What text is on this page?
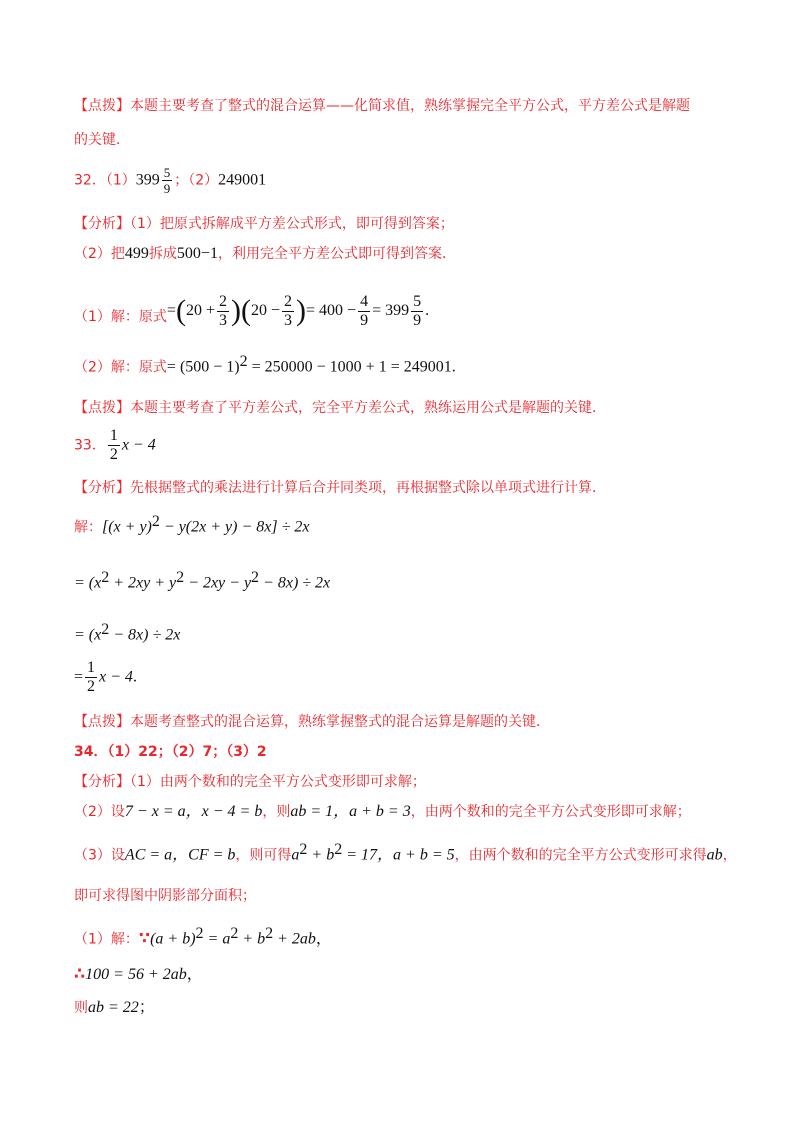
【点拨】本题主要考查了整式的混合运算——化简求值，熟练掌握完全平方公式，平方差公式是解题
的关键．
32．$(1)399 \frac{5}{9}$ ；（2）249001
【分析】（1）把原式拆解成平方差公式形式，即可得到答案；
（2）把499拆成500−1，利用完全平方差公式即可得到答案．
（1）解：原式$=(20 + \frac{2}{3} )(20 - \frac{2}{3}$ )= $400 - \frac{4}{9} = 399 \frac{5}{9}$ .
（2）解：原式= $(500 - 1)^2 = 250000 - 1000 + 1 = 249001$.
【点拨】本题主要考查了平方差公式，完全平方差公式，熟练运用公式是解题的关键．
33． $\frac{1}{2}$ x − 4
【分析】先根据整式的乘法进行计算后合并同类项，再根据整式除以单项式进行计算．
解：$[(x + y)^2 - y(2x + y) - 8x] \div 2x$
= $(x^2 + 2xy + y^2 - 2xy - y^2 - 8x) \div 2x$
= $(x^2 - 8x) \div 2x$
= $\frac{1}{2}$ x − 4.
【点拨】本题考查整式的混合运算，熟练掌握整式的混合运算是解题的关键．
34．（1）22；（2）7；（3）2
【分析】（1）由两个数和的完全平方公式变形即可求解；
（2）设7 − x = a，x − 4 = b，则ab = 1，a + b = 3，由两个数和的完全平方公式变形即可求解；
（3）设AC = a，CF = b，则可得$a^2 + b^2 = 17$，a + b = 5，由两个数和的完全平方公式变形可求得ab，
即可求得图中阴影部分面积；
（1）解：∵(a + $b)^2 = a^2 + b^2 + 2ab$，
∴100 = 56 + 2ab，
则ab = 22；
